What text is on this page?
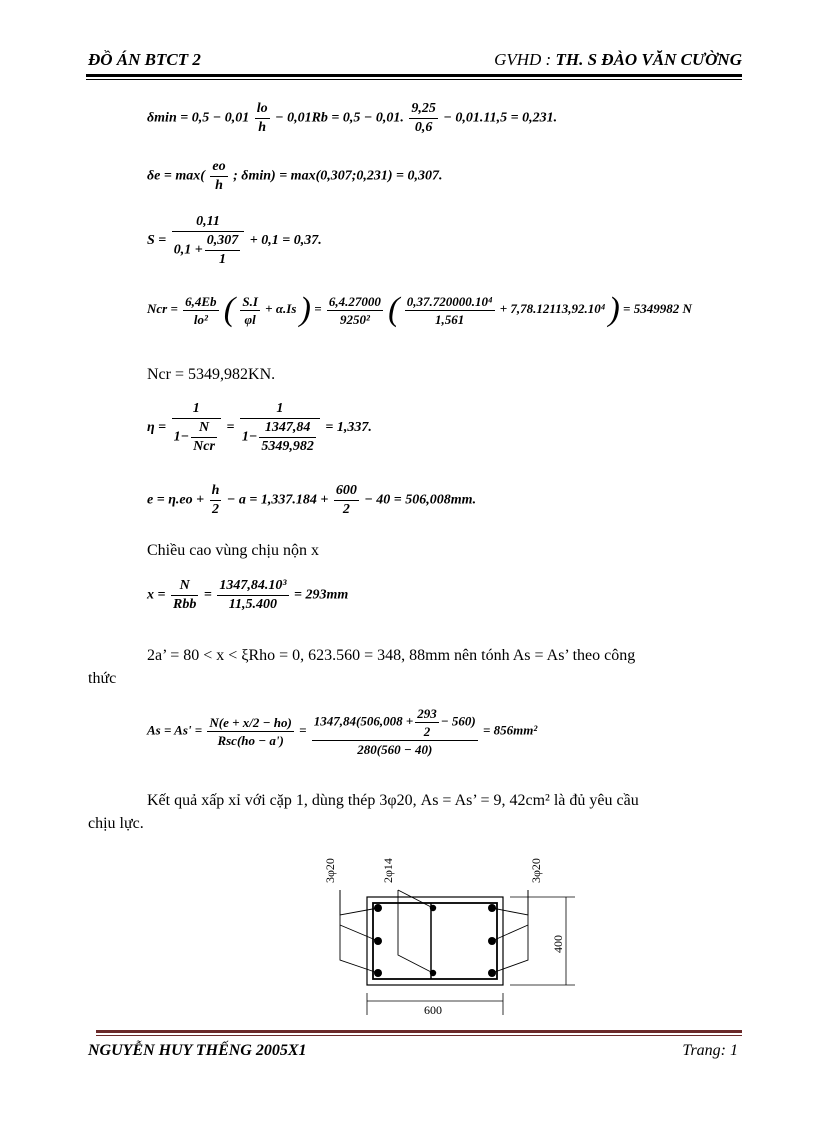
ĐỒ ÁN BTCT 2	GVHD : TH. S ĐÀO VĂN CƯỜNG
$\delta\min = 0,5 - 0,01 \frac{lo}{h} - 0,01Rb = 0,5 - 0,01$. $\frac{9,25}{0,6} - 0,01.11,5 = 0,231$.
$\delta e = \max( \frac{eo}{h}$ ; δmin) = max(0,307;0,231) = 0,307.
$S = \frac{0,11}{0,1 + \frac{0,307}{1}} + 0,1 = 0,37$.
Ncr = $\frac{6,4Eb}{\text{lo²}}$ ( $\frac{S.I}{\varphi l} + \alpha.Is$ ) = $\frac{6,4.27000}{\text{9250²}}$ ( $\frac{\text{0,37.720000.10⁴}}{1,561} + 7,78.12113,92.10^4$ ) = 5349982 N
Ncr = 5349,982KN.
$\eta = \frac{1}{1- \frac{N}{\text{Ncr}}} = \frac{1}{1- \frac{1347,84}{5349,982}} = 1,337$.
$e = \eta.eo + \frac{h}{2} - a = 1,337.184 + \frac{600}{2} - 40 = 506,008mm$.
Chiều cao vùng chịu nộn x
$x = \frac{N}{\text{Rbb}} = \frac{\text{1347,84.10³}}{11,5.400} = 293mm$
2a’ = 80 < x < ξRho = 0, 623.560 = 348, 88mm nên tónh As = As’ theo công
thức
$As = As' = \frac{N(e + x/2 - ho)}{\text{Rsc(ho − a')}} = \frac{1347,84(506,008 + \frac{293}{2} - 560)}{280(560 - 40)} = 856mm^2$
Kết quả xấp xỉ với cặp 1, dùng thép 3φ20, As = As’ = 9, 42cm² là đủ yêu cầu
chịu lực.
3φ20	2φ14	3φ20
400
600
NGUYỄN HUY THẾNG 2005X1	Trang: 1
